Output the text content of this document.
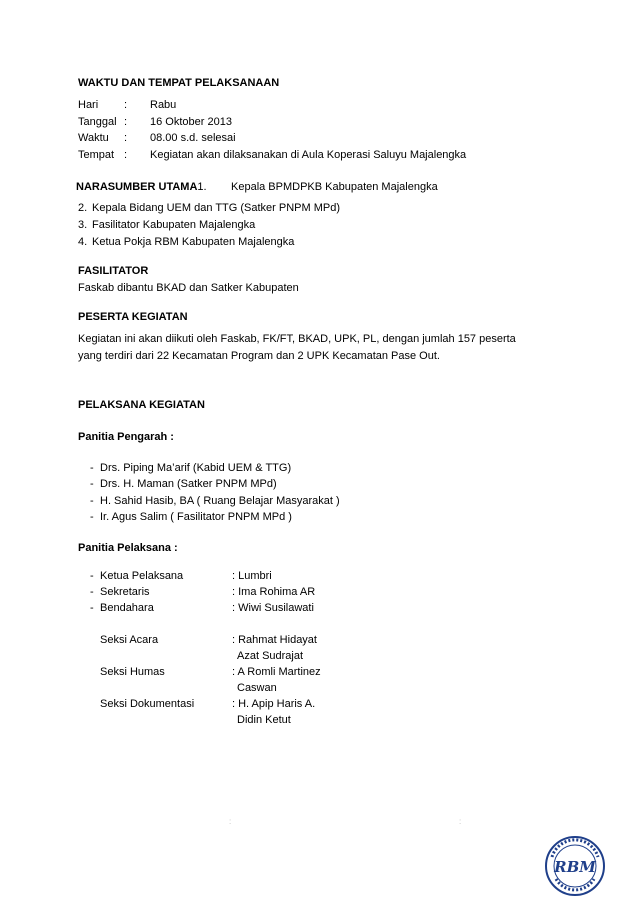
WAKTU DAN TEMPAT PELAKSANAAN
Hari : Rabu
Tanggal : 16 Oktober 2013
Waktu : 08.00 s.d. selesai
Tempat : Kegiatan akan dilaksanakan di Aula Koperasi Saluyu Majalengka
NARASUMBER UTAMA1. Kepala BPMDPKB Kabupaten Majalengka
2. Kepala Bidang UEM dan TTG (Satker PNPM MPd)
3. Fasilitator Kabupaten Majalengka
4. Ketua Pokja RBM Kabupaten Majalengka
FASILITATOR
Faskab dibantu BKAD dan Satker Kabupaten
PESERTA KEGIATAN
Kegiatan ini akan diikuti oleh Faskab, FK/FT, BKAD, UPK, PL, dengan jumlah 157 peserta
yang terdiri dari 22 Kecamatan Program dan 2 UPK Kecamatan Pase Out.
PELAKSANA KEGIATAN
Panitia Pengarah :
- Drs. Piping Ma’arif (Kabid UEM & TTG)
- Drs. H. Maman (Satker PNPM MPd)
- H. Sahid Hasib, BA ( Ruang Belajar Masyarakat )
- Ir. Agus Salim ( Fasilitator PNPM MPd )
Panitia Pelaksana :
- Ketua Pelaksana	: Lumbri
- Sekretaris	: Ima Rohima AR
- Bendahara	: Wiwi Susilawati
Seksi Acara	: Rahmat Hidayat
Azat Sudrajat
Seksi Humas	: A Romli Martinez
Caswan
Seksi Dokumentasi	: H. Apip Haris A.
Didin Ketut
:	:
RBM
